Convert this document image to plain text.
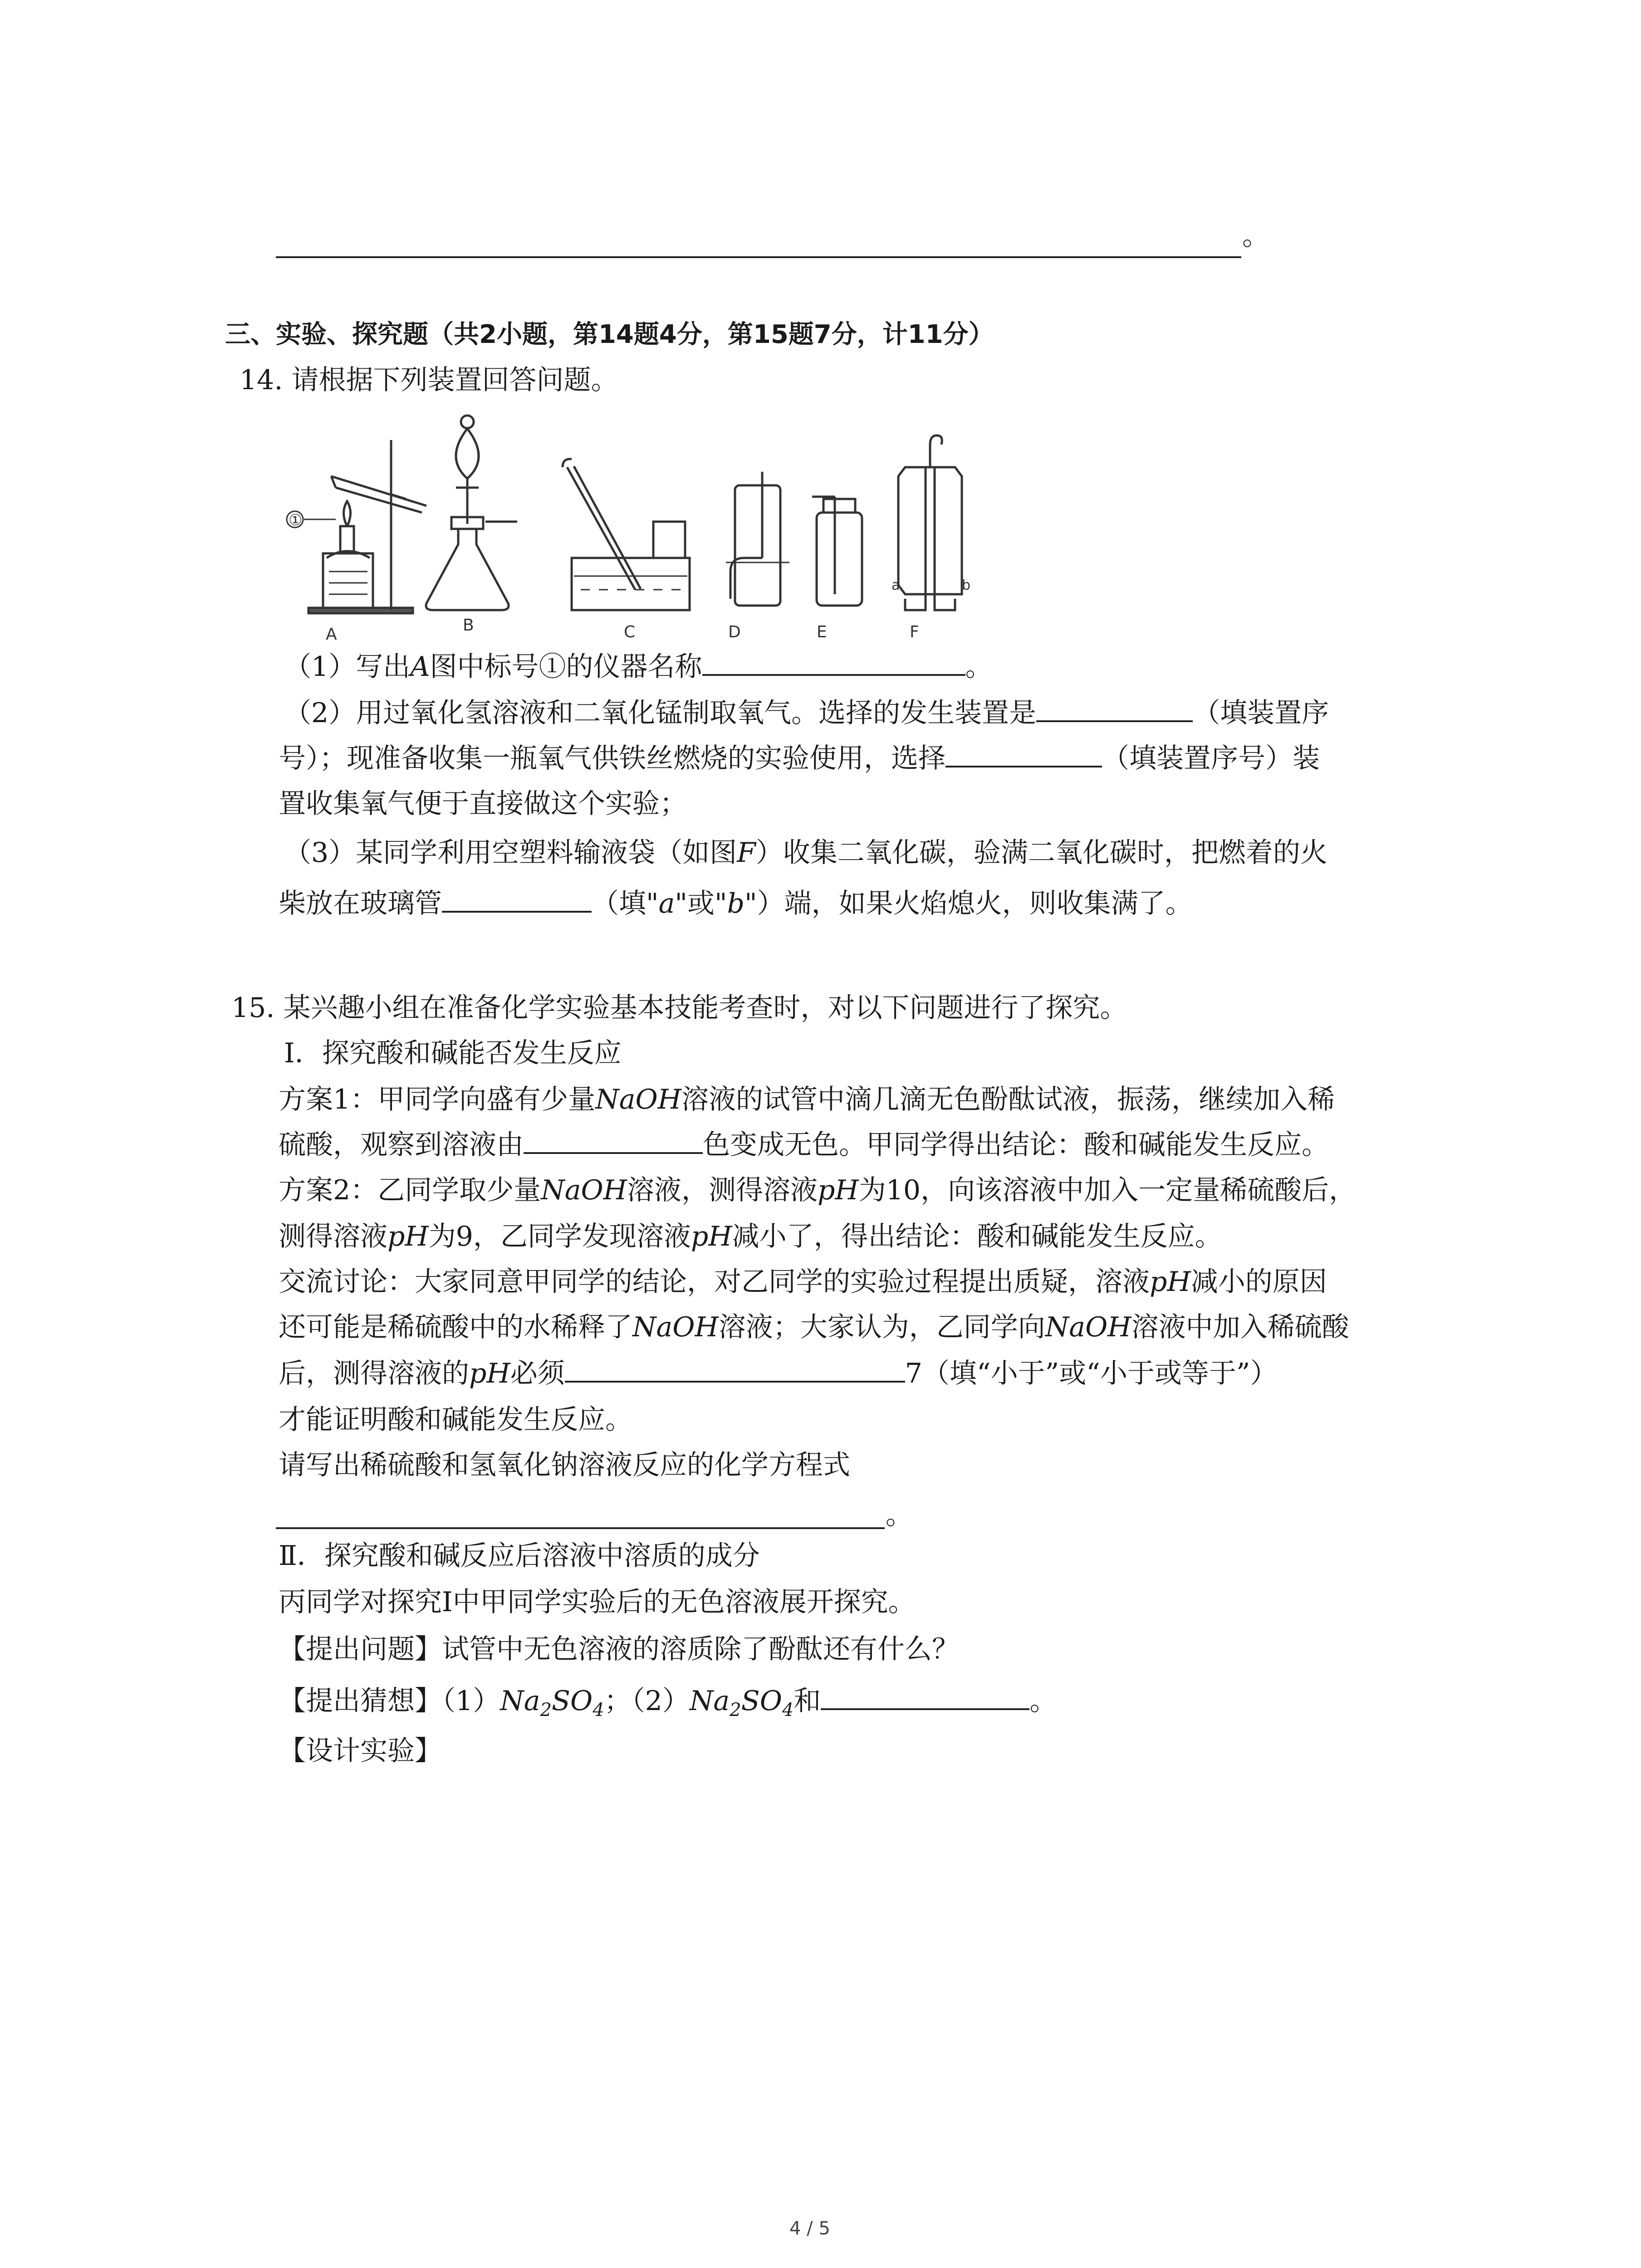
。
三、实验、探究题（共2小题，第14题4分，第15题7分，计11分）
14. 请根据下列装置回答问题。
①
a	b
A	B	C	D	E	F
（1）写出A图中标号①的仪器名称	。
（2）用过氧化氢溶液和二氧化锰制取氧气。选择的发生装置是	（填装置序
号）；现准备收集一瓶氧气供铁丝燃烧的实验使用，选择	（填装置序号）装
置收集氧气便于直接做这个实验；
（3）某同学利用空塑料输液袋（如图F）收集二氧化碳，验满二氧化碳时，把燃着的火
柴放在玻璃管	（填"a"或"b"）端，如果火焰熄火，则收集满了。
15. 某兴趣小组在准备化学实验基本技能考查时，对以下问题进行了探究。
Ⅰ．探究酸和碱能否发生反应
方案1：甲同学向盛有少量NaOH溶液的试管中滴几滴无色酚酞试液，振荡，继续加入稀
硫酸，观察到溶液由	色变成无色。甲同学得出结论：酸和碱能发生反应。
方案2：乙同学取少量NaOH溶液，测得溶液pH为10，向该溶液中加入一定量稀硫酸后，
测得溶液pH为9，乙同学发现溶液pH减小了，得出结论：酸和碱能发生反应。
交流讨论：大家同意甲同学的结论，对乙同学的实验过程提出质疑，溶液pH减小的原因
还可能是稀硫酸中的水稀释了NaOH溶液；大家认为，乙同学向NaOH溶液中加入稀硫酸
后，测得溶液的pH必须	7（填“小于”或“小于或等于”）
才能证明酸和碱能发生反应。
请写出稀硫酸和氢氧化钠溶液反应的化学方程式
。
Ⅱ．探究酸和碱反应后溶液中溶质的成分
丙同学对探究Ⅰ中甲同学实验后的无色溶液展开探究。
【提出问题】试管中无色溶液的溶质除了酚酞还有什么？
【提出猜想】$(1)Na_2SO_4$；$(2)Na_2SO_4$和	。
【设计实验】
4 / 5
